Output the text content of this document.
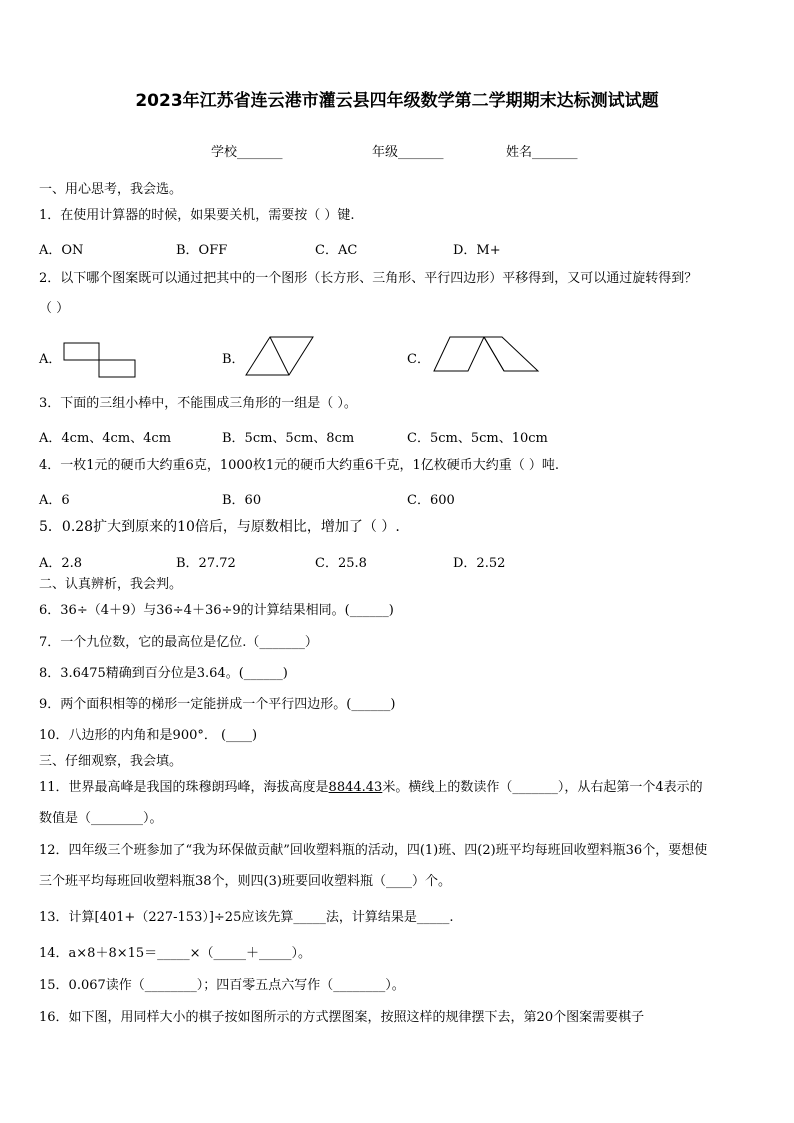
2023年江苏省连云港市灌云县四年级数学第二学期期末达标测试试题
学校_______	年级_______	姓名_______
一、用心思考，我会选。
1．在使用计算器的时候，如果要关机，需要按（ ）键.
A．ON	B．OFF	C．AC	D．M+
2．以下哪个图案既可以通过把其中的一个图形（长方形、三角形、平行四边形）平移得到，又可以通过旋转得到？
（ ）
A．	B．	C．
3．下面的三组小棒中，不能围成三角形的一组是（ ）。
A．4cm、4cm、4cm	B．5cm、5cm、8cm	C．5cm、5cm、10cm
4．一枚1元的硬币大约重6克，1000枚1元的硬币大约重6千克，1亿枚硬币大约重（ ）吨.
A．6	B．60	C．600
5．0.28扩大到原来的10倍后，与原数相比，增加了（ ）.
A．2.8	B．27.72	C．25.8	D．2.52
二、认真辨析，我会判。
6．36÷（4＋9）与36÷4＋36÷9的计算结果相同。(______)
7．一个九位数，它的最高位是亿位.（_______）
8．3.6475精确到百分位是3.64。(______)
9．两个面积相等的梯形一定能拼成一个平行四边形。(______)
10．八边形的内角和是900°． (____)
三、仔细观察，我会填。
11．世界最高峰是我国的珠穆朗玛峰，海拔高度是8844.43米。横线上的数读作（_______），从右起第一个4表示的
数值是（________）。
12．四年级三个班参加了“我为环保做贡献”回收塑料瓶的活动，四(1)班、四(2)班平均每班回收塑料瓶36个，要想使
三个班平均每班回收塑料瓶38个，则四(3)班要回收塑料瓶（____）个。
13．计算[401+（227-153）]÷25应该先算_____法，计算结果是_____.
14．a×8＋8×15＝_____×（_____＋_____）。
15．0.067读作（________）；四百零五点六写作（________）。
16．如下图，用同样大小的棋子按如图所示的方式摆图案，按照这样的规律摆下去，第20个图案需要棋子
